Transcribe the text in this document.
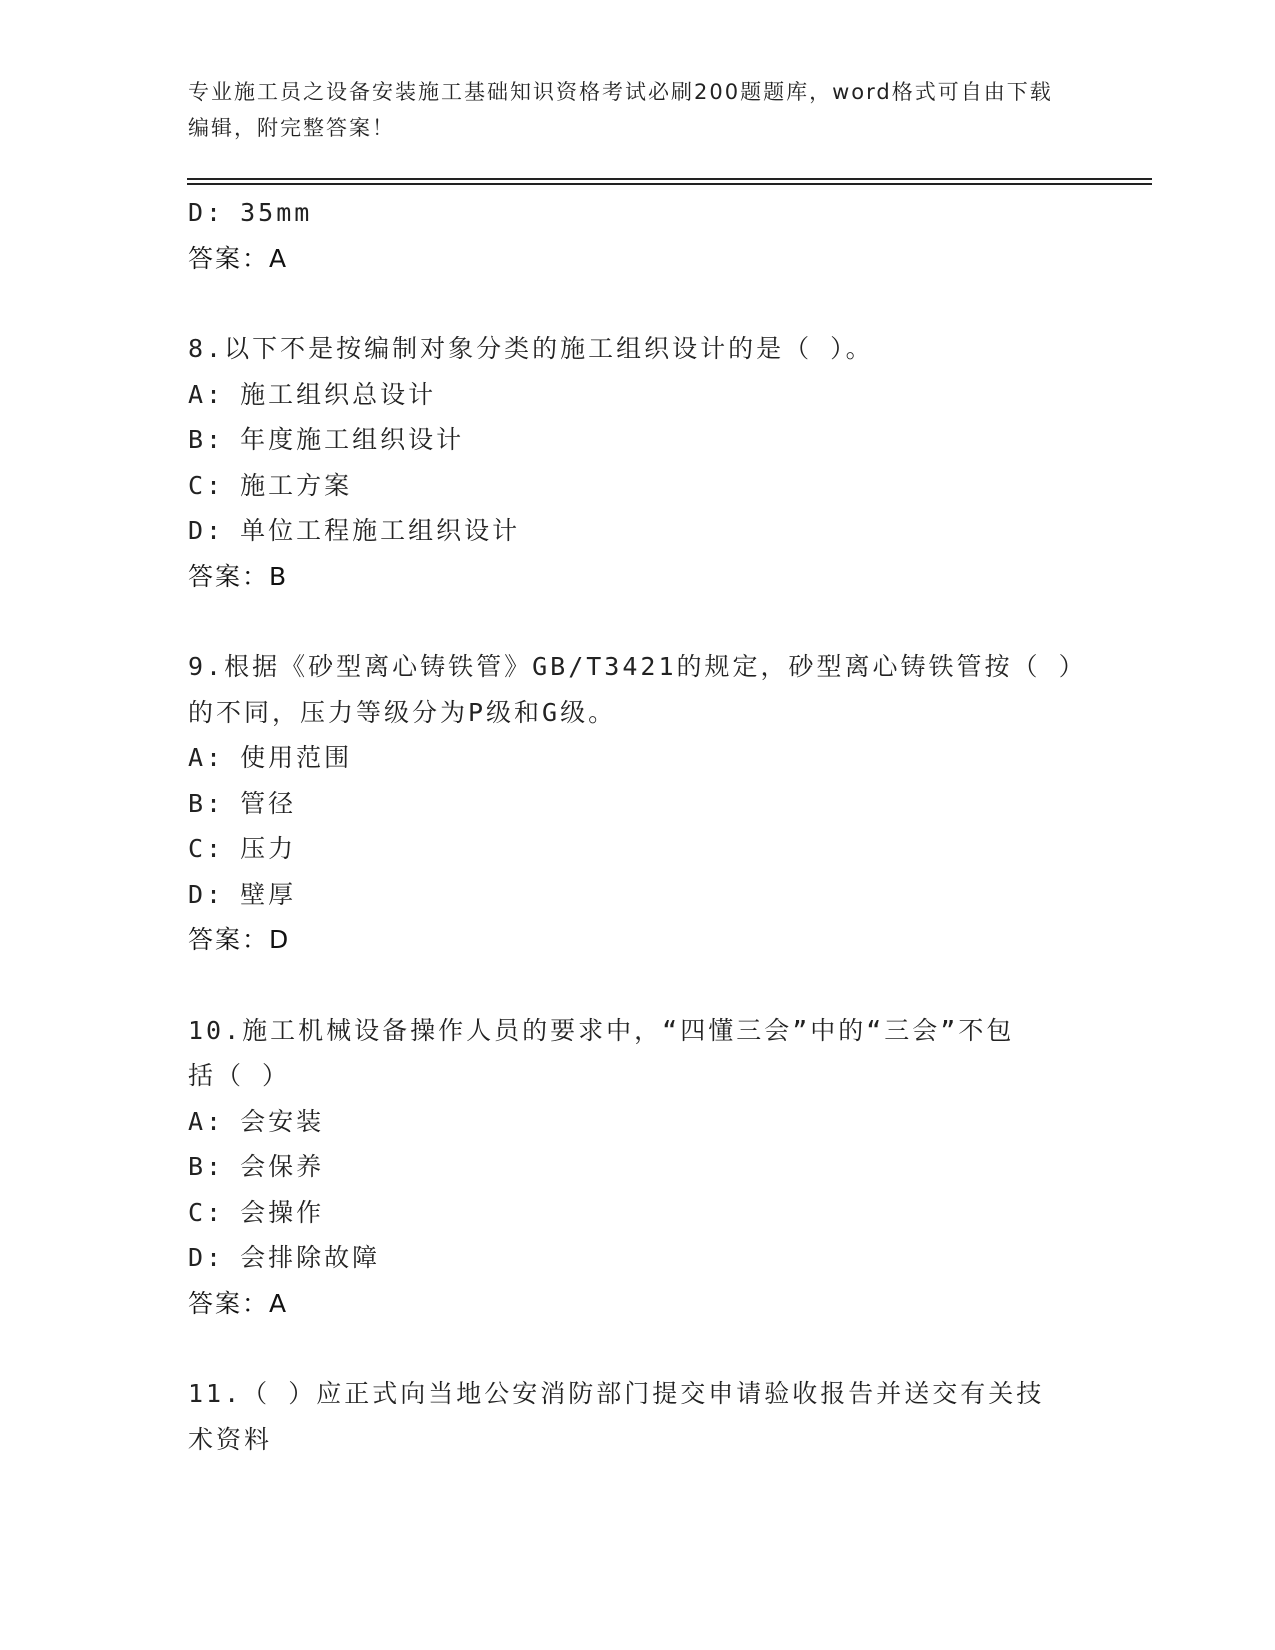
专业施工员之设备安装施工基础知识资格考试必刷200题题库，word格式可自由下载编辑，附完整答案！
D: 35mm
答案：A
8.以下不是按编制对象分类的施工组织设计的是（ ）。
A: 施工组织总设计
B: 年度施工组织设计
C: 施工方案
D: 单位工程施工组织设计
答案：B
9.根据《砂型离心铸铁管》GB/T3421的规定，砂型离心铸铁管按（ ）
的不同，压力等级分为P级和G级。
A: 使用范围
B: 管径
C: 压力
D: 壁厚
答案：D
10.施工机械设备操作人员的要求中，“四懂三会”中的“三会”不包
括（ ）
A: 会安装
B: 会保养
C: 会操作
D: 会排除故障
答案：A
11.（ ）应正式向当地公安消防部门提交申请验收报告并送交有关技
术资料
